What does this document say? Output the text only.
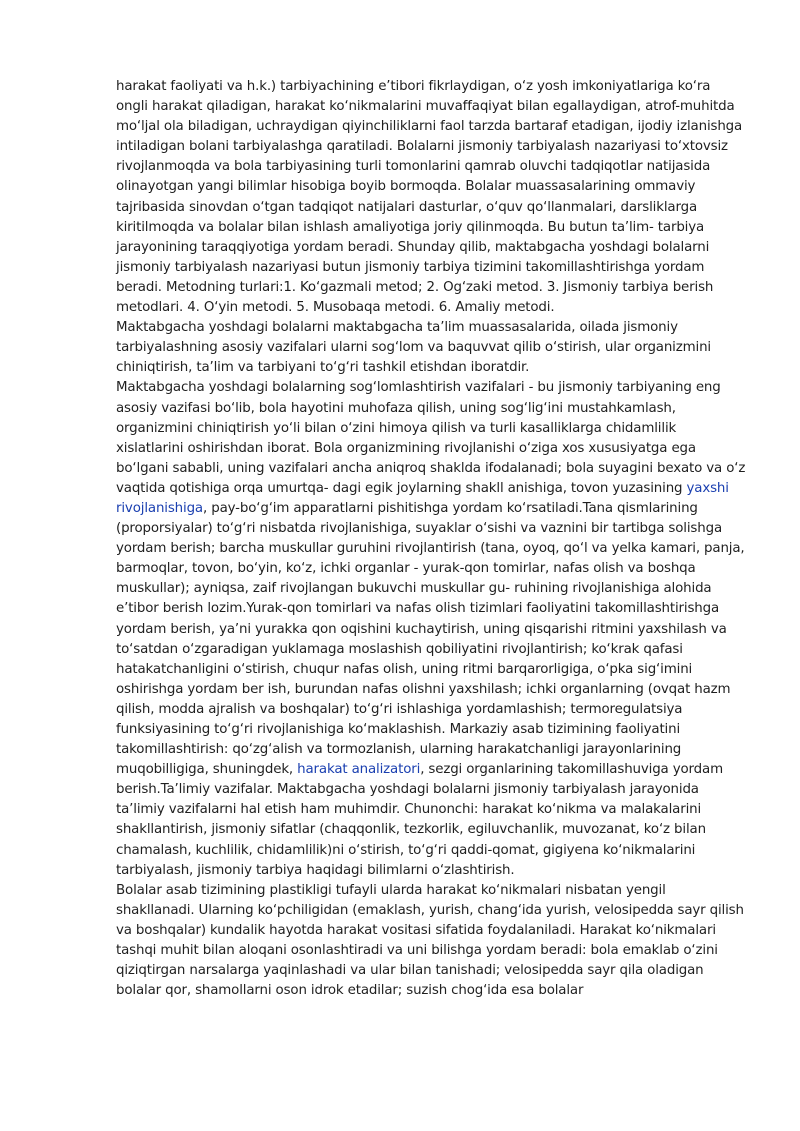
harakat faoliyati va h.k.) tarbiyachining e’tibori fikrlaydigan, o‘z yosh imkoniyatlariga ko‘ra ongli harakat qiladigan, harakat ko‘nikmalarini muvaffaqiyat bilan egallaydigan, atrof-muhitda mo‘ljal ola biladigan, uchraydigan qiyinchiliklarni faol tarzda bartaraf etadigan, ijodiy izlanishga intiladigan bolani tarbiyalashga qaratiladi. Bolalarni jismoniy tarbiyalash nazariyasi to‘xtovsiz rivojlanmoqda va bola tarbiyasining turli tomonlarini qamrab oluvchi tadqiqotlar natijasida olinayotgan yangi bilimlar hisobiga boyib bormoqda. Bolalar muassasalarining ommaviy tajribasida sinovdan o‘tgan tadqiqot natijalari dasturlar, o‘quv qo‘llanmalari, darsliklarga kiritilmoqda va bolalar bilan ishlash amaliyotiga joriy qilinmoqda. Bu butun ta’lim- tarbiya jarayonining taraqqiyotiga yordam beradi. Shunday qilib, maktabgacha yoshdagi bolalarni jismoniy tarbiyalash nazariyasi butun jismoniy tarbiya tizimini takomillashtirishga yordam beradi. Metodning turlari:1. Ko‘gazmali metod; 2. Og‘zaki metod. 3. Jismoniy tarbiya berish metodlari. 4. O‘yin metodi. 5. Musobaqa metodi. 6. Amaliy metodi.

Maktabgacha yoshdagi bolalarni maktabgacha ta’lim muassasalarida, oilada jismoniy tarbiyalashning asosiy vazifalari ularni sog‘lom va baquvvat qilib o‘stirish, ular organizmini chiniqtirish, ta’lim va tarbiyani to‘g‘ri tashkil etishdan iboratdir.

Maktabgacha yoshdagi bolalarning sog‘lomlashtirish vazifalari - bu jismoniy tarbiyaning eng asosiy vazifasi bo‘lib, bola hayotini muhofaza qilish, uning sog‘lig‘ini mustahkamlash, organizmini chiniqtirish yo‘li bilan o‘zini himoya qilish va turli kasalliklarga chidamlilik xislatlarini oshirishdan iborat. Bola organizmining rivojlanishi o‘ziga xos xususiyatga ega bo‘lgani sababli, uning vazifalari ancha aniqroq shaklda ifodalanadi; bola suyagini bexato va o‘z vaqtida qotishiga orqa umurtqa- dagi egik joylarning shakll anishiga, tovon yuzasining yaxshi rivojlanishiga, pay-bo‘g‘im apparatlarni pishitishga yordam ko‘rsatiladi.Tana qismlarining (proporsiyalar) to‘g‘ri nisbatda rivojlanishiga, suyaklar o‘sishi va vaznini bir tartibga solishga yordam berish; barcha muskullar guruhini rivojlantirish (tana, oyoq, qo‘l va yelka kamari, panja, barmoqlar, tovon, bo‘yin, ko‘z, ichki organlar - yurak-qon tomirlar, nafas olish va boshqa muskullar); ayniqsa, zaif rivojlangan bukuvchi muskullar gu- ruhining rivojlanishiga alohida e’tibor berish lozim.Yurak-qon tomirlari va nafas olish tizimlari faoliyatini takomillashtirishga yordam berish, ya’ni yurakka qon oqishini kuchaytirish, uning qisqarishi ritmini yaxshilash va to‘satdan o‘zgaradigan yuklamaga moslashish qobiliyatini rivojlantirish; ko‘krak qafasi hatakatchanligini o‘stirish, chuqur nafas olish, uning ritmi barqarorligiga, o‘pka sig‘imini oshirishga yordam ber ish, burundan nafas olishni yaxshilash; ichki organlarning (ovqat hazm qilish, modda ajralish va boshqalar) to‘g‘ri ishlashiga yordamlashish; termoregulatsiya funksiyasining to‘g‘ri rivojlanishiga ko‘maklashish. Markaziy asab tizimining faoliyatini takomillashtirish: qo‘zg‘alish va tormozlanish, ularning harakatchanligi jarayonlarining muqobilligiga, shuningdek, harakat analizatori, sezgi organlarining takomillashuviga yordam berish.Ta’limiy vazifalar. Maktabgacha yoshdagi bolalarni jismoniy tarbiyalash jarayonida ta’limiy vazifalarni hal etish ham muhimdir. Chunonchi: harakat ko‘nikma va malakalarini shakllantirish, jismoniy sifatlar (chaqqonlik, tezkorlik, egiluvchanlik, muvozanat, ko‘z bilan chamalash, kuchlilik, chidamlilik)ni o‘stirish, to‘g‘ri qaddi-qomat, gigiyena ko‘nikmalarini tarbiyalash, jismoniy tarbiya haqidagi bilimlarni o‘zlashtirish.

Bolalar asab tizimining plastikligi tufayli ularda harakat ko‘nikmalari nisbatan yengil shakllanadi. Ularning ko‘pchiligidan (emaklash, yurish, chang‘ida yurish, velosipedda sayr qilish va boshqalar) kundalik hayotda harakat vositasi sifatida foydalaniladi. Harakat ko‘nikmalari tashqi muhit bilan aloqani osonlashtiradi va uni bilishga yordam beradi: bola emaklab o‘zini qiziqtirgan narsalarga yaqinlashadi va ular bilan tanishadi; velosipedda sayr qila oladigan bolalar qor, shamollarni oson idrok etadilar; suzish chog‘ida esa bolalar
